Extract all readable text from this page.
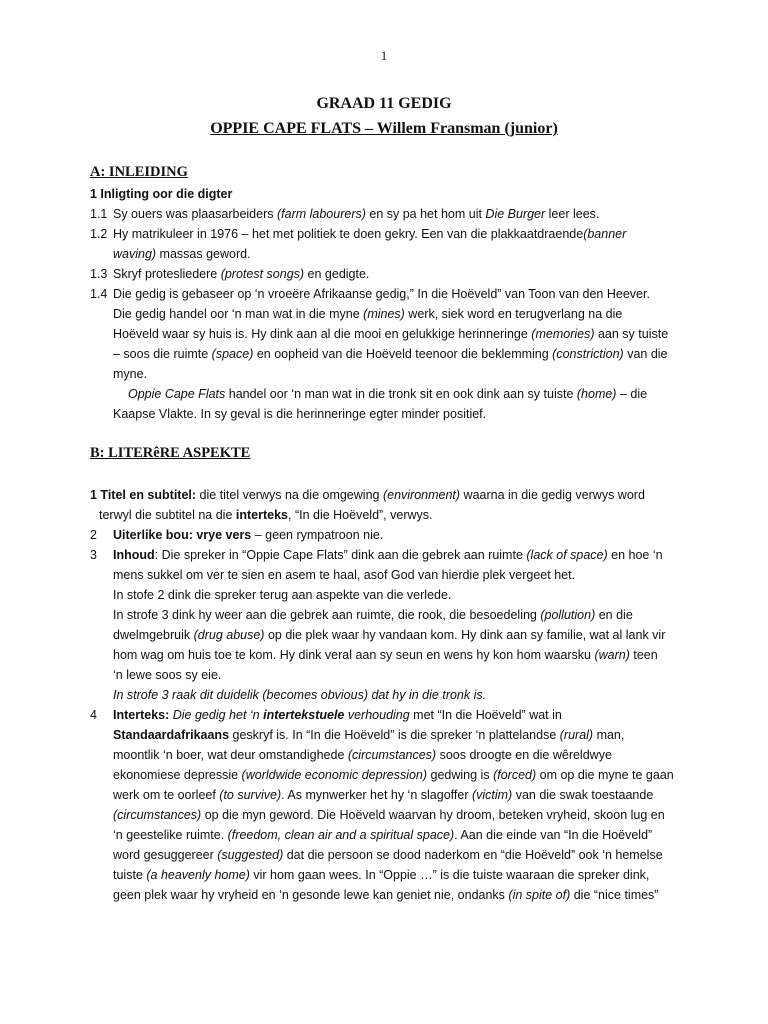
1
GRAAD 11 GEDIG
OPPIE CAPE FLATS – Willem Fransman (junior)
A: INLEIDING
1 Inligting oor die digter
1.1 Sy ouers was plaasarbeiders (farm labourers) en sy pa het hom uit Die Burger leer lees.
1.2 Hy matrikuleer in 1976 – het met politiek te doen gekry. Een van die plakkaatdraende(banner
waving) massas geword.
1.3 Skryf protesliedere (protest songs) en gedigte.
1.4 Die gedig is gebaseer op ‘n vroeëre Afrikaanse gedig,” In die Hoëveld” van Toon van den Heever.
Die gedig handel oor ‘n man wat in die myne (mines) werk, siek word en terugverlang na die
Hoëveld waar sy huis is. Hy dink aan al die mooi en gelukkige herinneringe (memories) aan sy tuiste
– soos die ruimte (space) en oopheid van die Hoëveld teenoor die beklemming (constriction) van die
myne.
Oppie Cape Flats handel oor ‘n man wat in die tronk sit en ook dink aan sy tuiste (home) – die
Kaapse Vlakte. In sy geval is die herinneringe egter minder positief.
B: LITERêRE ASPEKTE
1 Titel en subtitel: die titel verwys na die omgewing (environment) waarna in die gedig verwys word
terwyl die subtitel na die interteks, “In die Hoëveld”, verwys.
2 Uiterlike bou: vrye vers – geen rympatroon nie.
3 Inhoud: Die spreker in “Oppie Cape Flats” dink aan die gebrek aan ruimte (lack of space) en hoe ‘n
mens sukkel om ver te sien en asem te haal, asof God van hierdie plek vergeet het.
In stofe 2 dink die spreker terug aan aspekte van die verlede.
In strofe 3 dink hy weer aan die gebrek aan ruimte, die rook, die besoedeling (pollution) en die
dwelmgebruik (drug abuse) op die plek waar hy vandaan kom. Hy dink aan sy familie, wat al lank vir
hom wag om huis toe te kom. Hy dink veral aan sy seun en wens hy kon hom waarsku (warn) teen
‘n lewe soos sy eie.
In strofe 3 raak dit duidelik (becomes obvious) dat hy in die tronk is.
4 Interteks: Die gedig het ‘n intertekstuele verhouding met “In die Hoëveld” wat in
Standaardafrikaans geskryf is. In “In die Hoëveld” is die spreker ‘n plattelandse (rural) man,
moontlik ‘n boer, wat deur omstandighede (circumstances) soos droogte en die wêreldwye
ekonomiese depressie (worldwide economic depression) gedwing is (forced) om op die myne te gaan
werk om te oorleef (to survive). As mynwerker het hy ‘n slagoffer (victim) van die swak toestaande
(circumstances) op die myn geword. Die Hoëveld waarvan hy droom, beteken vryheid, skoon lug en
‘n geestelike ruimte. (freedom, clean air and a spiritual space). Aan die einde van “In die Hoëveld”
word gesuggereer (suggested) dat die persoon se dood naderkom en “die Hoëveld” ook ‘n hemelse
tuiste (a heavenly home) vir hom gaan wees. In “Oppie …” is die tuiste waaraan die spreker dink,
geen plek waar hy vryheid en ‘n gesonde lewe kan geniet nie, ondanks (in spite of) die “nice times”
